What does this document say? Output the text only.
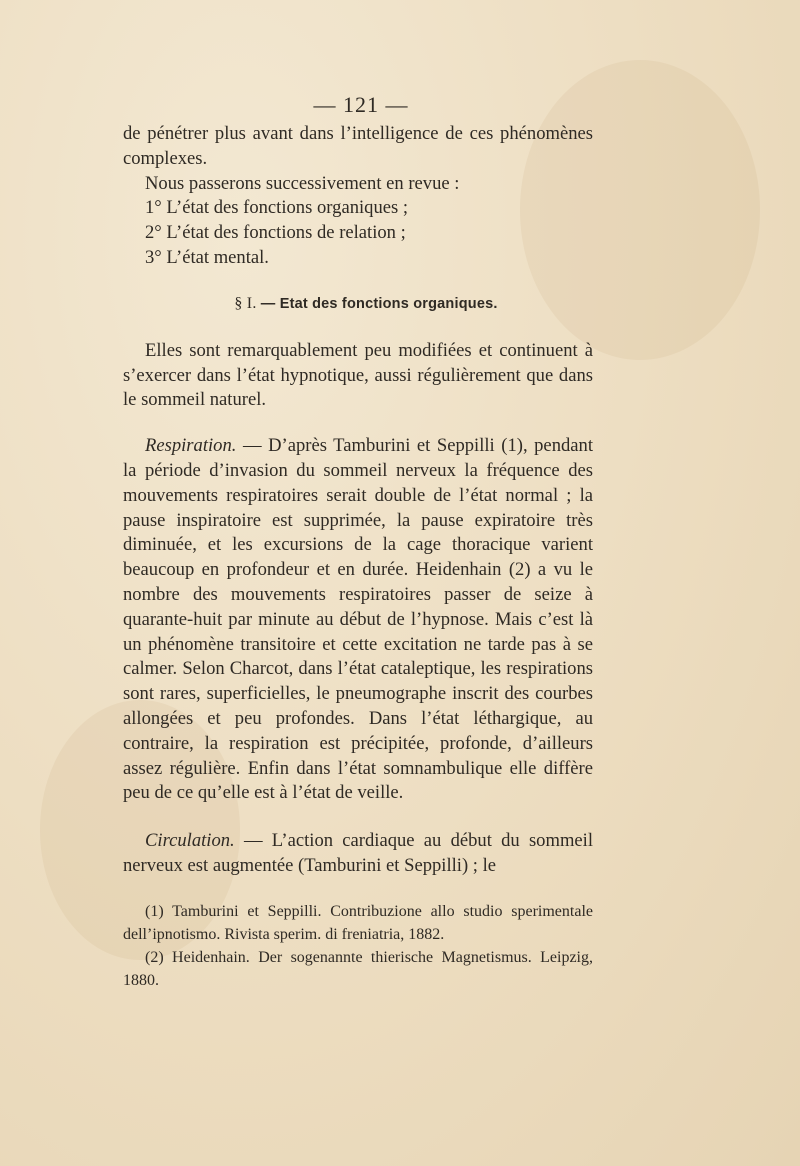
— 121 —

de pénétrer plus avant dans l’intelligence de ces phénomènes complexes.

Nous passerons successivement en revue :

1° L’état des fonctions organiques ;

2° L’état des fonctions de relation ;

3° L’état mental.

§ I. — Etat des fonctions organiques.

Elles sont remarquablement peu modifiées et continuent à s’exercer dans l’état hypnotique, aussi régulièrement que dans le sommeil naturel.

Respiration. — D’après Tamburini et Seppilli (1), pendant la période d’invasion du sommeil nerveux la fréquence des mouvements respiratoires serait double de l’état normal ; la pause inspiratoire est supprimée, la pause expiratoire très diminuée, et les excursions de la cage thoracique varient beaucoup en profondeur et en durée. Heidenhain (2) a vu le nombre des mouvements respiratoires passer de seize à quarante-huit par minute au début de l’hypnose. Mais c’est là un phénomène transitoire et cette excitation ne tarde pas à se calmer. Selon Charcot, dans l’état cataleptique, les respirations sont rares, superficielles, le pneumographe inscrit des courbes allongées et peu profondes. Dans l’état léthargique, au contraire, la respiration est précipitée, profonde, d’ailleurs assez régulière. Enfin dans l’état somnambulique elle diffère peu de ce qu’elle est à l’état de veille.

Circulation. — L’action cardiaque au début du sommeil nerveux est augmentée (Tamburini et Seppilli) ; le

(1) Tamburini et Seppilli. Contribuzione allo studio sperimentale dell’ipnotismo. Rivista sperim. di freniatria, 1882.

(2) Heidenhain. Der sogenannte thierische Magnetismus. Leipzig, 1880.
